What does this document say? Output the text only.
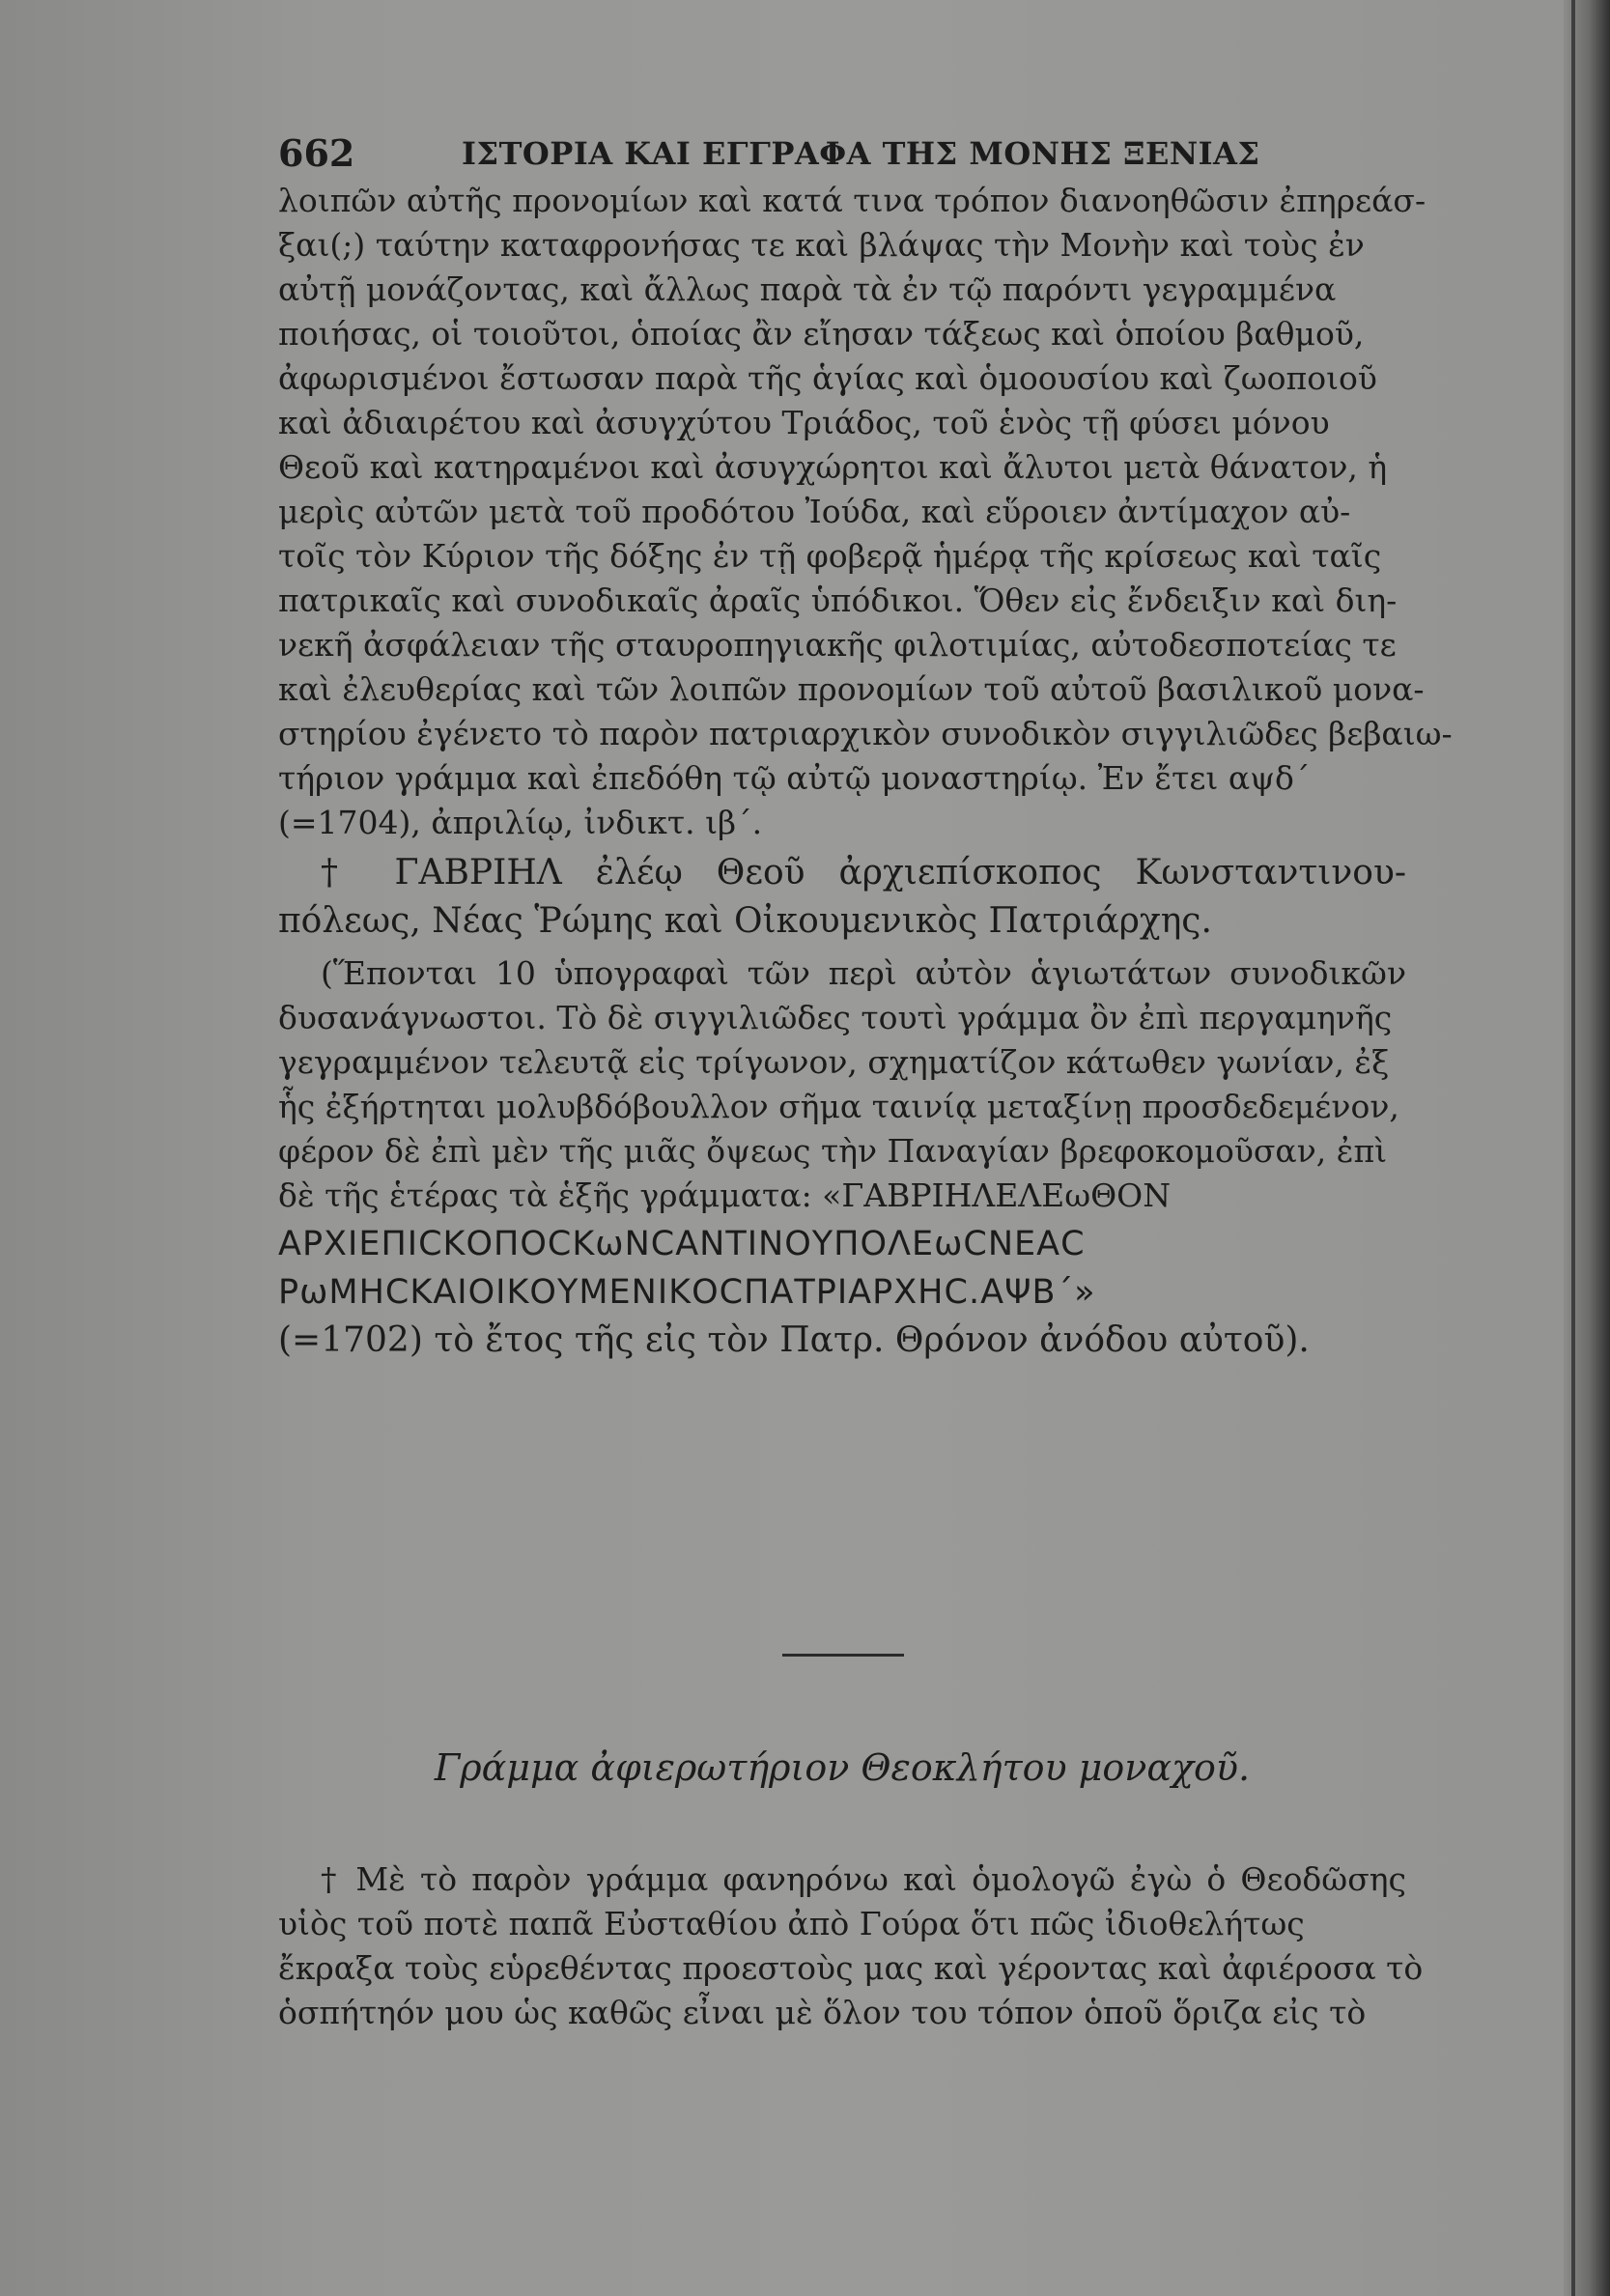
662	ΙΣΤΟΡΙΑ ΚΑΙ ΕΓΓΡΑΦΑ ΤΗΣ ΜΟΝΗΣ ΞΕΝΙΑΣ
λοιπῶν αὐτῆς προνομίων καὶ κατά τινα τρόπον διανοηθῶσιν ἐπηρεάσ-
ξαι(;) ταύτην καταφρονήσας τε καὶ βλάψας τὴν Μονὴν καὶ τοὺς ἐν
αὐτῇ μονάζοντας, καὶ ἄλλως παρὰ τὰ ἐν τῷ παρόντι γεγραμμένα
ποιήσας, οἱ τοιοῦτοι, ὁποίας ἂν εἴησαν τάξεως καὶ ὁποίου βαθμοῦ,
ἀφωρισμένοι ἔστωσαν παρὰ τῆς ἁγίας καὶ ὁμοουσίου καὶ ζωοποιοῦ
καὶ ἀδιαιρέτου καὶ ἀσυγχύτου Τριάδος, τοῦ ἑνὸς τῇ φύσει μόνου
Θεοῦ καὶ κατηραμένοι καὶ ἀσυγχώρητοι καὶ ἄλυτοι μετὰ θάνατον, ἡ
μερὶς αὐτῶν μετὰ τοῦ προδότου Ἰούδα, καὶ εὕροιεν ἀντίμαχον αὐ-
τοῖς τὸν Κύριον τῆς δόξης ἐν τῇ φοβερᾷ ἡμέρᾳ τῆς κρίσεως καὶ ταῖς
πατρικαῖς καὶ συνοδικαῖς ἀραῖς ὑπόδικοι. Ὅθεν εἰς ἔνδειξιν καὶ διη-
νεκῆ ἀσφάλειαν τῆς σταυροπηγιακῆς φιλοτιμίας, αὐτοδεσποτείας τε
καὶ ἐλευθερίας καὶ τῶν λοιπῶν προνομίων τοῦ αὐτοῦ βασιλικοῦ μονα-
στηρίου ἐγένετο τὸ παρὸν πατριαρχικὸν συνοδικὸν σιγγιλιῶδες βεβαιω-
τήριον γράμμα καὶ ἐπεδόθη τῷ αὐτῷ μοναστηρίῳ. Ἐν ἔτει αψδ´
(=1704), ἀπριλίῳ, ἰνδικτ. ιβ´.
† ΓΑΒΡΙΗΛ ἐλέῳ Θεοῦ ἀρχιεπίσκοπος Κωνσταντινου-
πόλεως, Νέας Ῥώμης καὶ Οἰκουμενικὸς Πατριάρχης.
(Ἕπονται 10 ὑπογραφαὶ τῶν περὶ αὐτὸν ἁγιωτάτων συνοδικῶν
δυσανάγνωστοι. Τὸ δὲ σιγγιλιῶδες τουτὶ γράμμα ὂν ἐπὶ περγαμηνῆς
γεγραμμένον τελευτᾷ εἰς τρίγωνον, σχηματίζον κάτωθεν γωνίαν, ἐξ
ἧς ἐξήρτηται μολυβδόβουλλον σῆμα ταινίᾳ μεταξίνῃ προσδεδεμένον,
φέρον δὲ ἐπὶ μὲν τῆς μιᾶς ὄψεως τὴν Παναγίαν βρεφοκομοῦσαν, ἐπὶ
δὲ τῆς ἑτέρας τὰ ἑξῆς γράμματα: «ΓΑΒΡΙΗΛΕΛΕωΘΟΝ
ΑΡΧΙΕΠΙCΚΟΠΟCΚωΝCΑΝΤΙΝΟΥΠΟΛΕωCΝΕΑC
ΡωΜΗCΚΑΙΟΙΚΟΥΜΕΝΙΚΟCΠΑΤΡΙΑΡΧΗC.ΑΨΒ´»
(=1702) τὸ ἔτος τῆς εἰς τὸν Πατρ. Θρόνον ἀνόδου αὐτοῦ).
Γράμμα ἀφιερωτήριον Θεοκλήτου μοναχοῦ.
† Μὲ τὸ παρὸν γράμμα φανηρόνω καὶ ὁμολογῶ ἐγὼ ὁ Θεοδῶσης
υἱὸς τοῦ ποτὲ παπᾶ Εὐσταθίου ἀπὸ Γούρα ὅτι πῶς ἰδιοθελήτως
ἔκραξα τοὺς εὑρεθέντας προεστοὺς μας καὶ γέροντας καὶ ἀφιέροσα τὸ
ὁσπήτηόν μου ὡς καθῶς εἶναι μὲ ὅλον του τόπον ὁποῦ ὅριζα εἰς τὸ
